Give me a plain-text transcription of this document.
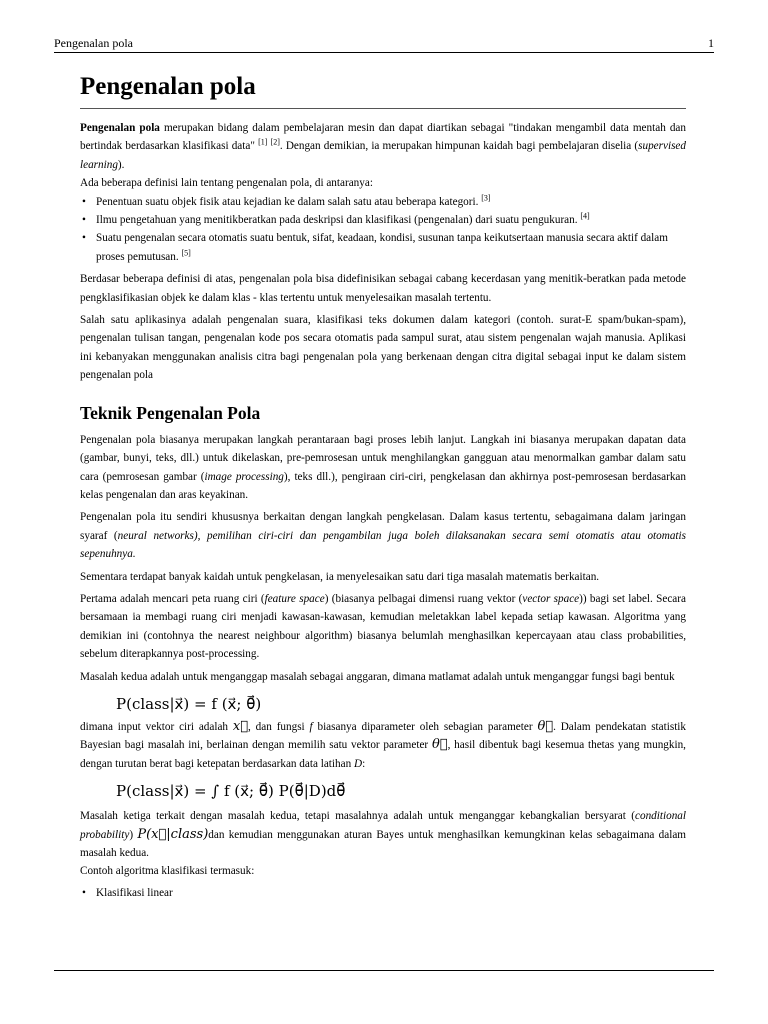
Pengenalan pola	1
Pengenalan pola

Pengenalan pola merupakan bidang dalam pembelajaran mesin dan dapat diartikan sebagai "tindakan mengambil data mentah dan bertindak berdasarkan klasifikasi data" [1] [2]. Dengan demikian, ia merupakan himpunan kaidah bagi pembelajaran diselia (supervised learning).

Ada beberapa definisi lain tentang pengenalan pola, di antaranya:

• Penentuan suatu objek fisik atau kejadian ke dalam salah satu atau beberapa kategori. [3]
• Ilmu pengetahuan yang menitikberatkan pada deskripsi dan klasifikasi (pengenalan) dari suatu pengukuran. [4]
• Suatu pengenalan secara otomatis suatu bentuk, sifat, keadaan, kondisi, susunan tanpa keikutsertaan manusia secara aktif dalam proses pemutusan. [5]

Berdasar beberapa definisi di atas, pengenalan pola bisa didefinisikan sebagai cabang kecerdasan yang menitik-beratkan pada metode pengklasifikasian objek ke dalam klas - klas tertentu untuk menyelesaikan masalah tertentu.

Salah satu aplikasinya adalah pengenalan suara, klasifikasi teks dokumen dalam kategori (contoh. surat-E spam/bukan-spam), pengenalan tulisan tangan, pengenalan kode pos secara otomatis pada sampul surat, atau sistem pengenalan wajah manusia. Aplikasi ini kebanyakan menggunakan analisis citra bagi pengenalan pola yang berkenaan dengan citra digital sebagai input ke dalam sistem pengenalan pola

Teknik Pengenalan Pola

Pengenalan pola biasanya merupakan langkah perantaraan bagi proses lebih lanjut. Langkah ini biasanya merupakan dapatan data (gambar, bunyi, teks, dll.) untuk dikelaskan, pre-pemrosesan untuk menghilangkan gangguan atau menormalkan gambar dalam satu cara (pemrosesan gambar (image processing), teks dll.), pengiraan ciri-ciri, pengkelasan dan akhirnya post-pemrosesan berdasarkan kelas pengenalan dan aras keyakinan.

Pengenalan pola itu sendiri khususnya berkaitan dengan langkah pengkelasan. Dalam kasus tertentu, sebagaimana dalam jaringan syaraf (neural networks), pemilihan ciri-ciri dan pengambilan juga boleh dilaksanakan secara semi otomatis atau otomatis sepenuhnya.

Sementara terdapat banyak kaidah untuk pengkelasan, ia menyelesaikan satu dari tiga masalah matematis berkaitan.

Pertama adalah mencari peta ruang ciri (feature space) (biasanya pelbagai dimensi ruang vektor (vector space)) bagi set label. Secara bersamaan ia membagi ruang ciri menjadi kawasan-kawasan, kemudian meletakkan label kepada setiap kawasan. Algoritma yang demikian ini (contohnya the nearest neighbour algorithm) biasanya belumlah menghasilkan kepercayaan atau class probabilities, sebelum diterapkannya post-processing.

Masalah kedua adalah untuk menganggap masalah sebagai anggaran, dimana matlamat adalah untuk menganggar fungsi bagi bentuk

P(class|x⃗) = f (x⃗; θ⃗)

dimana input vektor ciri adalah x⃗, dan fungsi f biasanya diparameter oleh sebagian parameter θ⃗. Dalam pendekatan statistik Bayesian bagi masalah ini, berlainan dengan memilih satu vektor parameter θ⃗, hasil dibentuk bagi kesemua thetas yang mungkin, dengan turutan berat bagi ketepatan berdasarkan data latihan D:

P(class|x⃗) = ∫ f (x⃗; θ⃗) P(θ⃗|D)dθ⃗

Masalah ketiga terkait dengan masalah kedua, tetapi masalahnya adalah untuk menganggar kebangkalian bersyarat (conditional probability) P(x⃗|class)dan kemudian menggunakan aturan Bayes untuk menghasilkan kemungkinan kelas sebagaimana dalam masalah kedua.

Contoh algoritma klasifikasi termasuk:

• Klasifikasi linear
